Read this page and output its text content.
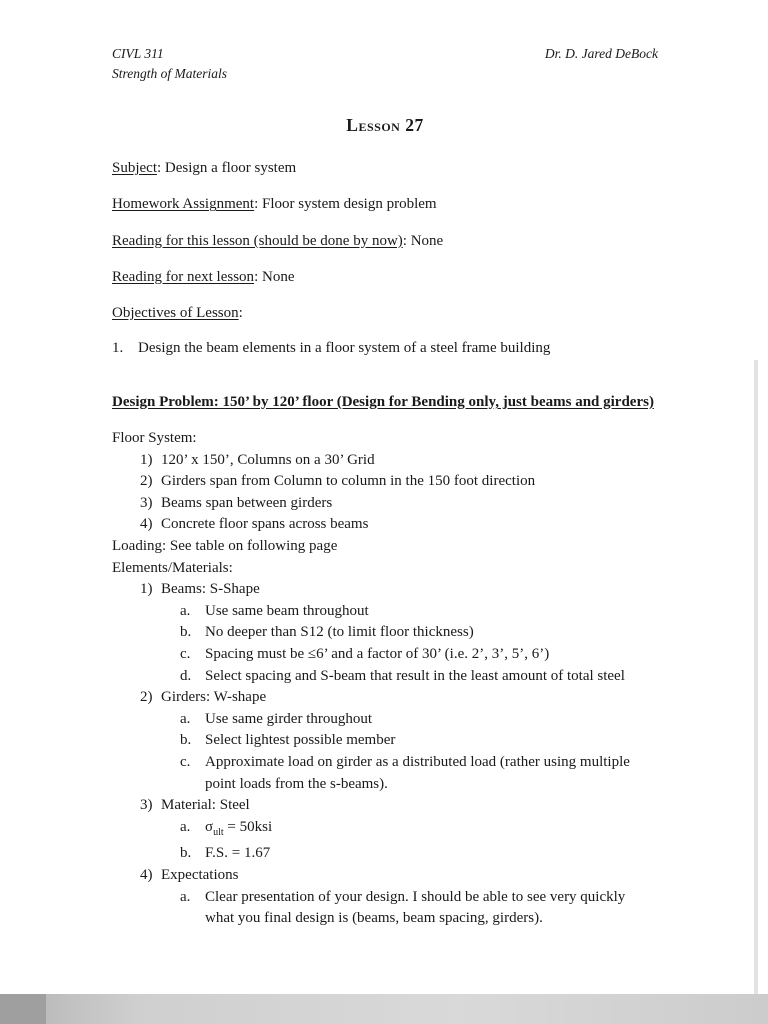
CIVL 311
Strength of Materials
Dr. D. Jared DeBock
Lesson 27

Subject: Design a floor system

Homework Assignment: Floor system design problem

Reading for this lesson (should be done by now): None

Reading for next lesson: None

Objectives of Lesson:

1. Design the beam elements in a floor system of a steel frame building
Design Problem: 150’ by 120’ floor (Design for Bending only, just beams and girders)
Floor System:
1) 120’ x 150’, Columns on a 30’ Grid
2) Girders span from Column to column in the 150 foot direction
3) Beams span between girders
4) Concrete floor spans across beams
Loading: See table on following page
Elements/Materials:
1) Beams: S-Shape
a. Use same beam throughout
b. No deeper than S12 (to limit floor thickness)
c. Spacing must be ≤6’ and a factor of 30’ (i.e. 2’, 3’, 5’, 6’)
d. Select spacing and S-beam that result in the least amount of total steel
2) Girders: W-shape
a. Use same girder throughout
b. Select lightest possible member
c. Approximate load on girder as a distributed load (rather using multiple point loads from the s-beams).
3) Material: Steel
a. $\sigma_{ult} = 50ksi$
b. F.S. = 1.67
4) Expectations
a. Clear presentation of your design. I should be able to see very quickly what you final design is (beams, beam spacing, girders).
